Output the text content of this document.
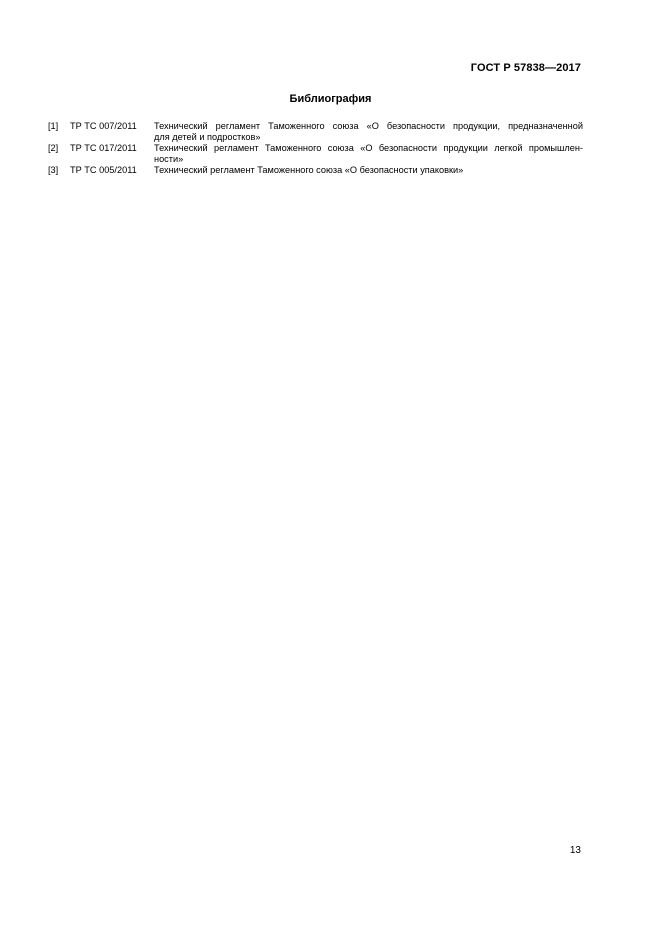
ГОСТ Р 57838—2017
Библиография
[1]	ТР ТС 007/2011	Технический регламент Таможенного союза «О безопасности продукции, предназначенной
для детей и подростков»
[2]	ТР ТС 017/2011	Технический регламент Таможенного союза «О безопасности продукции легкой промышлен-
ности»
[3]	ТР ТС 005/2011	Технический регламент Таможенного союза «О безопасности упаковки»
13
